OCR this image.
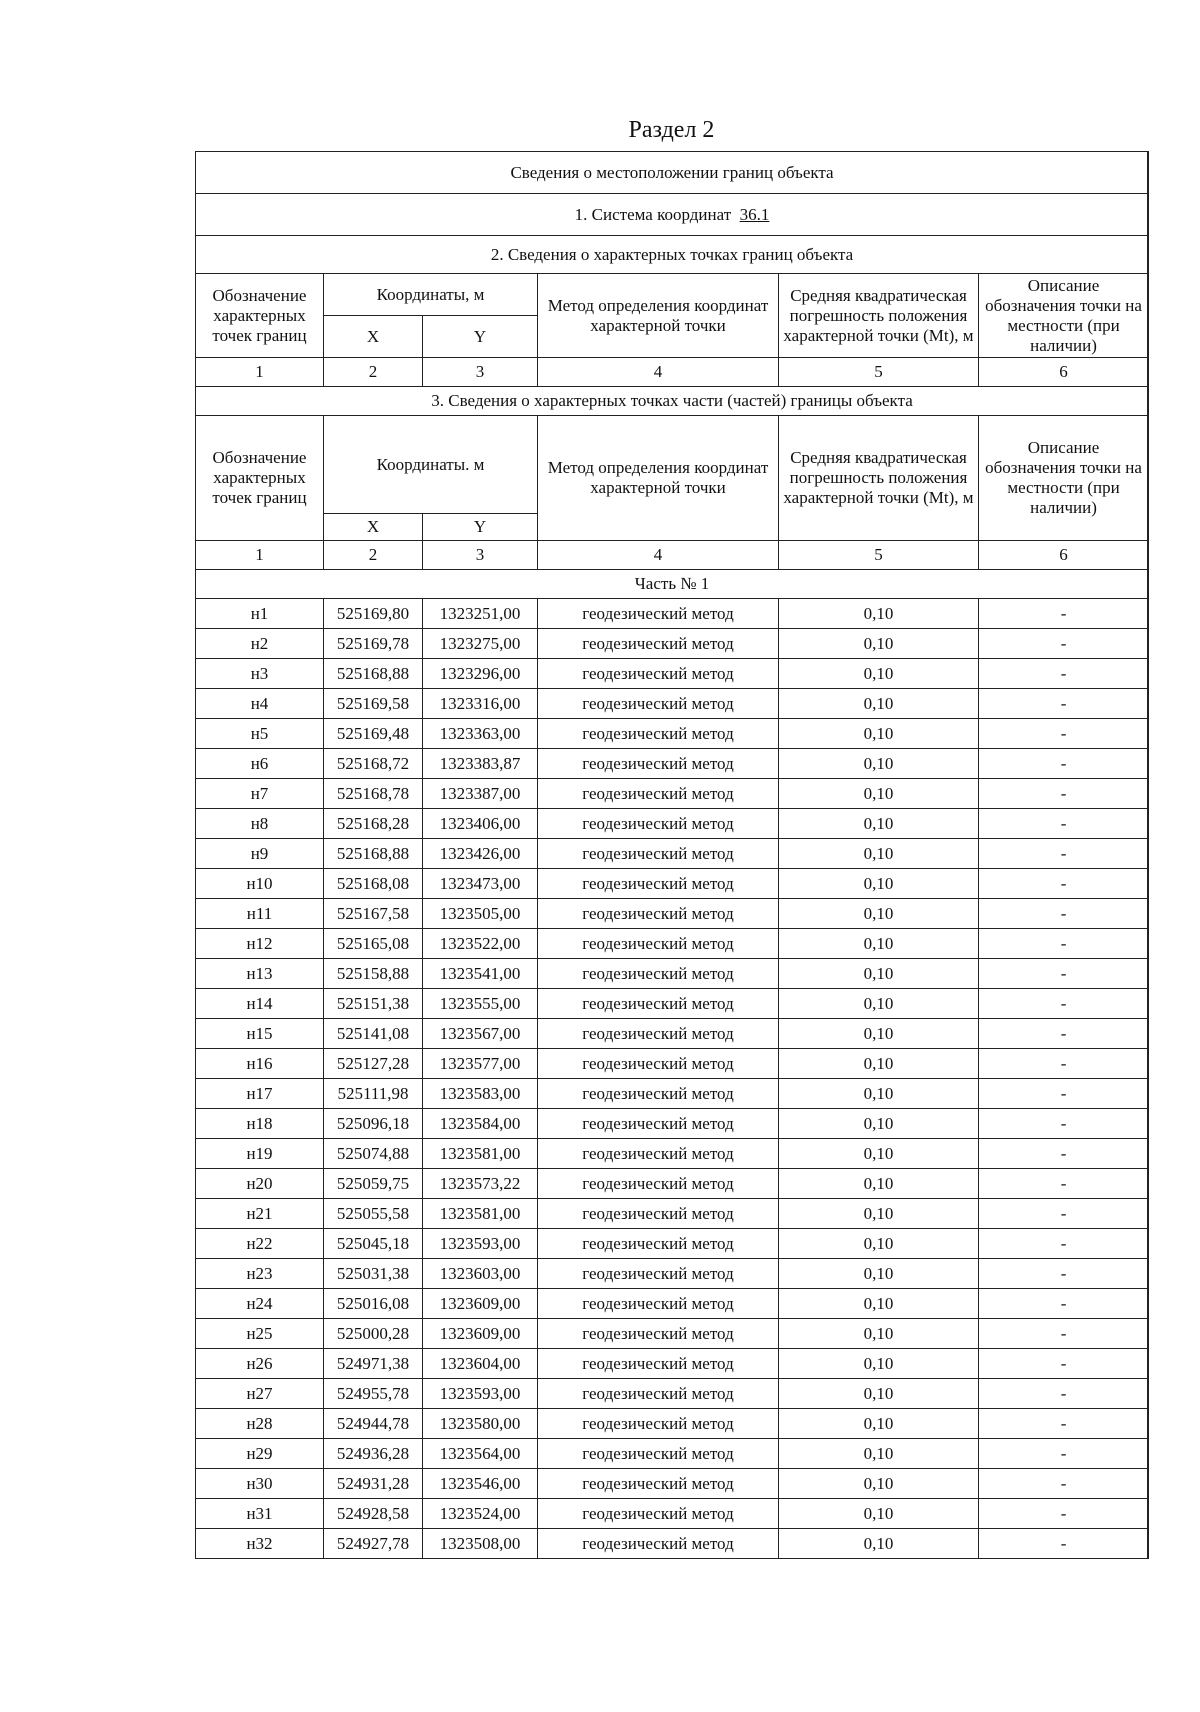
Раздел 2
Сведения о местоположении границ объекта					
1. Система координат 36.1					
2. Сведения о характерных точках границ объекта					
Обозначение характерных точек границ	Координаты, м		Метод определения координат характерной точки	Средняя квадратическая погрешность положения характерной точки (Mt), м	Описание обозначения точки на местности (при наличии)
	X	Y			
1	2	3	4	5	6
3. Сведения о характерных точках части (частей) границы объекта					
Обозначение характерных точек границ	Координаты. м		Метод определения координат характерной точки	Средняя квадратическая погрешность положения характерной точки (Mt), м	Описание обозначения точки на местности (при наличии)
	X	Y			
1	2	3	4	5	6
Часть № 1					
н1	525169,80	1323251,00	геодезический метод	0,10	-
н2	525169,78	1323275,00	геодезический метод	0,10	-
н3	525168,88	1323296,00	геодезический метод	0,10	-
н4	525169,58	1323316,00	геодезический метод	0,10	-
н5	525169,48	1323363,00	геодезический метод	0,10	-
н6	525168,72	1323383,87	геодезический метод	0,10	-
н7	525168,78	1323387,00	геодезический метод	0,10	-
н8	525168,28	1323406,00	геодезический метод	0,10	-
н9	525168,88	1323426,00	геодезический метод	0,10	-
н10	525168,08	1323473,00	геодезический метод	0,10	-
н11	525167,58	1323505,00	геодезический метод	0,10	-
н12	525165,08	1323522,00	геодезический метод	0,10	-
н13	525158,88	1323541,00	геодезический метод	0,10	-
н14	525151,38	1323555,00	геодезический метод	0,10	-
н15	525141,08	1323567,00	геодезический метод	0,10	-
н16	525127,28	1323577,00	геодезический метод	0,10	-
н17	525111,98	1323583,00	геодезический метод	0,10	-
н18	525096,18	1323584,00	геодезический метод	0,10	-
н19	525074,88	1323581,00	геодезический метод	0,10	-
н20	525059,75	1323573,22	геодезический метод	0,10	-
н21	525055,58	1323581,00	геодезический метод	0,10	-
н22	525045,18	1323593,00	геодезический метод	0,10	-
н23	525031,38	1323603,00	геодезический метод	0,10	-
н24	525016,08	1323609,00	геодезический метод	0,10	-
н25	525000,28	1323609,00	геодезический метод	0,10	-
н26	524971,38	1323604,00	геодезический метод	0,10	-
н27	524955,78	1323593,00	геодезический метод	0,10	-
н28	524944,78	1323580,00	геодезический метод	0,10	-
н29	524936,28	1323564,00	геодезический метод	0,10	-
н30	524931,28	1323546,00	геодезический метод	0,10	-
н31	524928,58	1323524,00	геодезический метод	0,10	-
н32	524927,78	1323508,00	геодезический метод	0,10	-
